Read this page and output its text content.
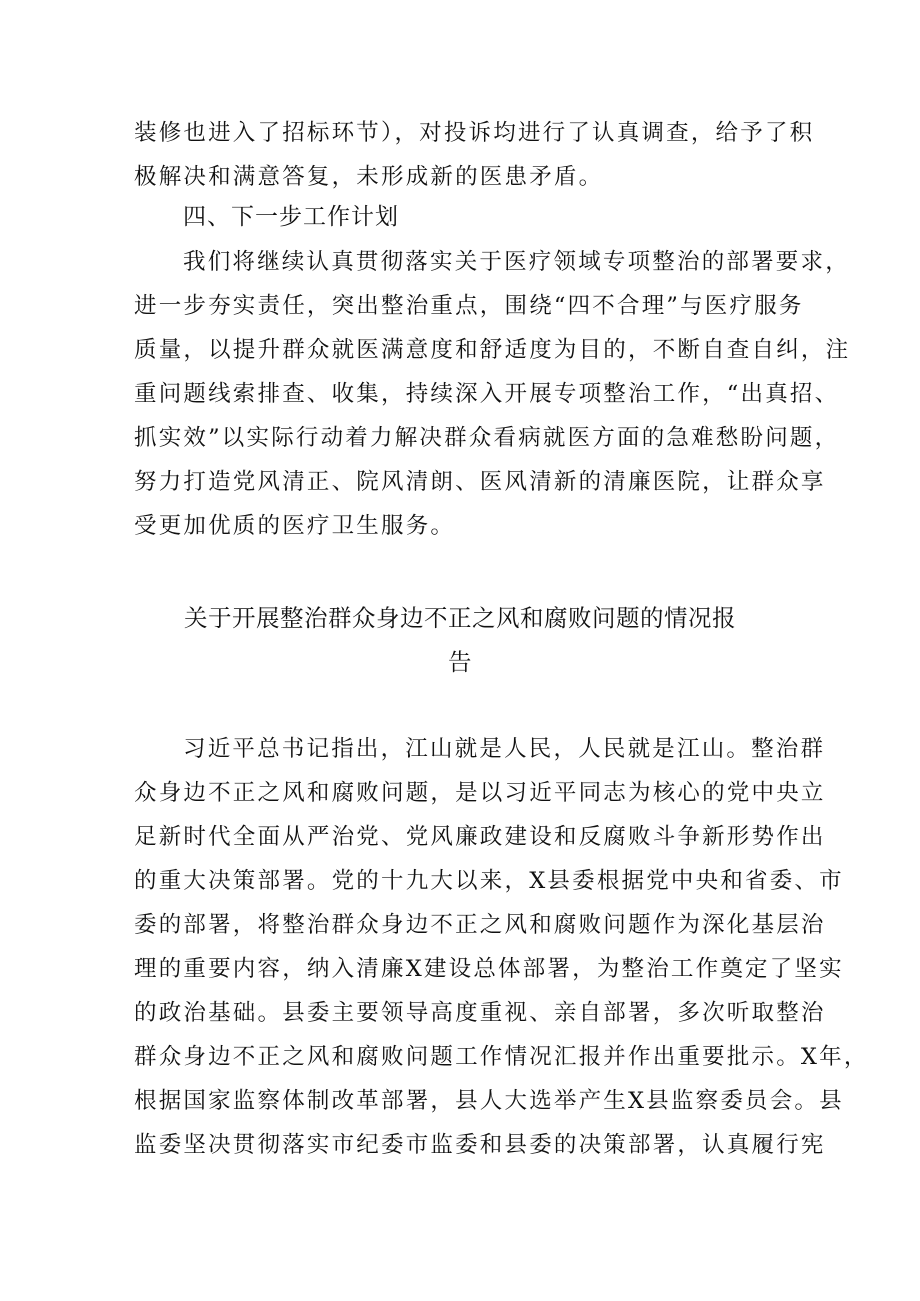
装修也进入了招标环节），对投诉均进行了认真调查，给予了积
极解决和满意答复，未形成新的医患矛盾。
四、下一步工作计划
我们将继续认真贯彻落实关于医疗领域专项整治的部署要求，
进一步夯实责任，突出整治重点，围绕“四不合理”与医疗服务
质量，以提升群众就医满意度和舒适度为目的，不断自查自纠，注
重问题线索排查、收集，持续深入开展专项整治工作，“出真招、
抓实效”以实际行动着力解决群众看病就医方面的急难愁盼问题，
努力打造党风清正、院风清朗、医风清新的清廉医院，让群众享
受更加优质的医疗卫生服务。
关于开展整治群众身边不正之风和腐败问题的情况报
告
习近平总书记指出，江山就是人民，人民就是江山。整治群
众身边不正之风和腐败问题，是以习近平同志为核心的党中央立
足新时代全面从严治党、党风廉政建设和反腐败斗争新形势作出
的重大决策部署。党的十九大以来，X县委根据党中央和省委、市
委的部署，将整治群众身边不正之风和腐败问题作为深化基层治
理的重要内容，纳入清廉X建设总体部署，为整治工作奠定了坚实
的政治基础。县委主要领导高度重视、亲自部署，多次听取整治
群众身边不正之风和腐败问题工作情况汇报并作出重要批示。X年，
根据国家监察体制改革部署，县人大选举产生X县监察委员会。县
监委坚决贯彻落实市纪委市监委和县委的决策部署，认真履行宪
